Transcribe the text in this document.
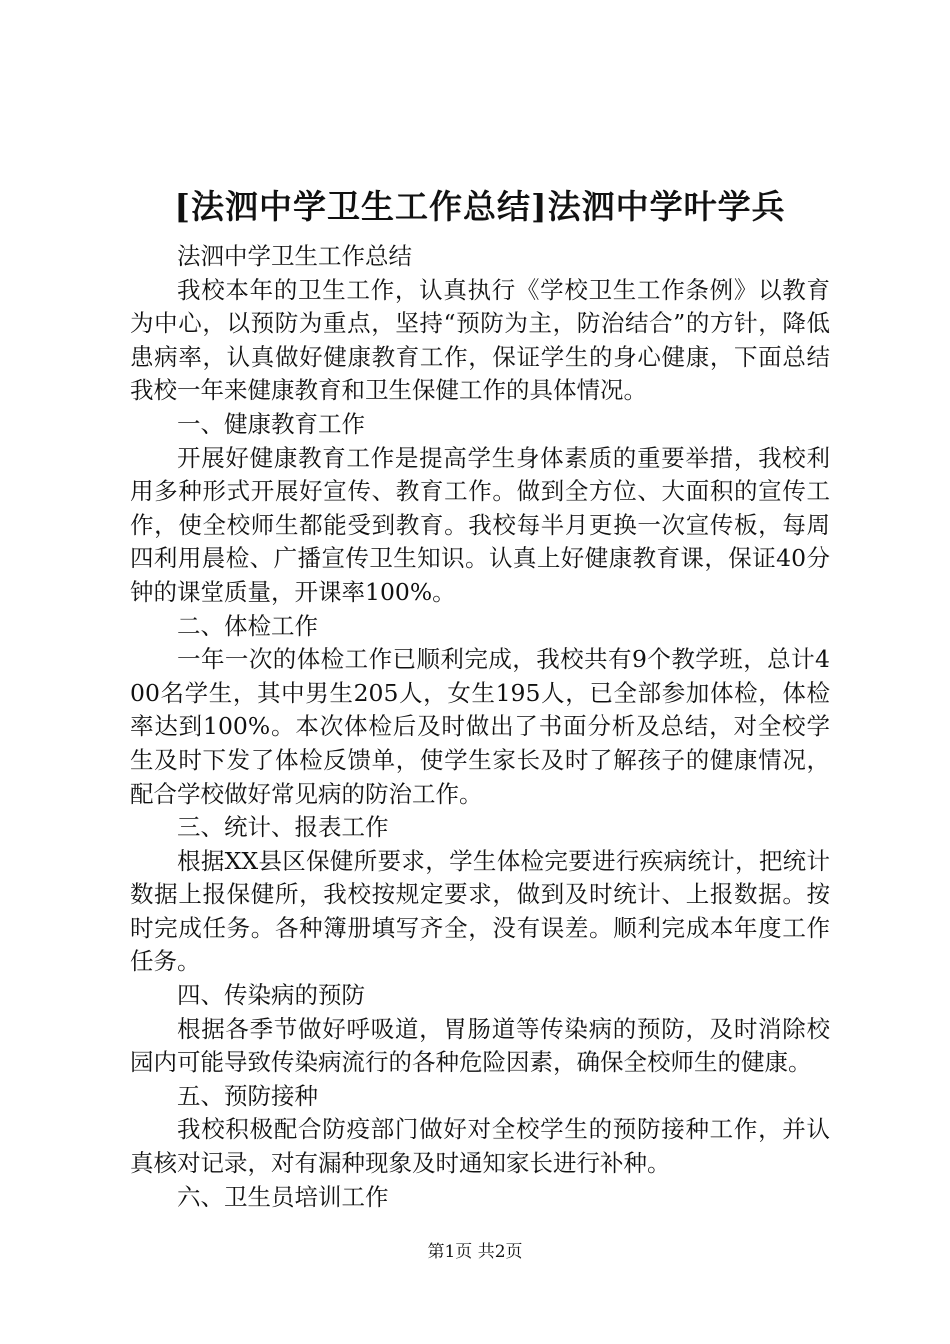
[法泗中学卫生工作总结]法泗中学叶学兵

法泗中学卫生工作总结

我校本年的卫生工作，认真执行《学校卫生工作条例》以教育为中心，以预防为重点，坚持“预防为主，防治结合”的方针，降低患病率，认真做好健康教育工作，保证学生的身心健康，下面总结我校一年来健康教育和卫生保健工作的具体情况。

一、健康教育工作

开展好健康教育工作是提高学生身体素质的重要举措，我校利用多种形式开展好宣传、教育工作。做到全方位、大面积的宣传工作，使全校师生都能受到教育。我校每半月更换一次宣传板，每周四利用晨检、广播宣传卫生知识。认真上好健康教育课，保证40分钟的课堂质量，开课率100%。

二、体检工作

一年一次的体检工作已顺利完成，我校共有9个教学班，总计400名学生，其中男生205人，女生195人，已全部参加体检，体检率达到100%。本次体检后及时做出了书面分析及总结，对全校学生及时下发了体检反馈单，使学生家长及时了解孩子的健康情况，配合学校做好常见病的防治工作。

三、统计、报表工作

根据XX县区保健所要求，学生体检完要进行疾病统计，把统计数据上报保健所，我校按规定要求，做到及时统计、上报数据。按时完成任务。各种簿册填写齐全，没有误差。顺利完成本年度工作任务。

四、传染病的预防

根据各季节做好呼吸道，胃肠道等传染病的预防，及时消除校园内可能导致传染病流行的各种危险因素，确保全校师生的健康。

五、预防接种

我校积极配合防疫部门做好对全校学生的预防接种工作，并认真核对记录，对有漏种现象及时通知家长进行补种。

六、卫生员培训工作

第1页 共2页
